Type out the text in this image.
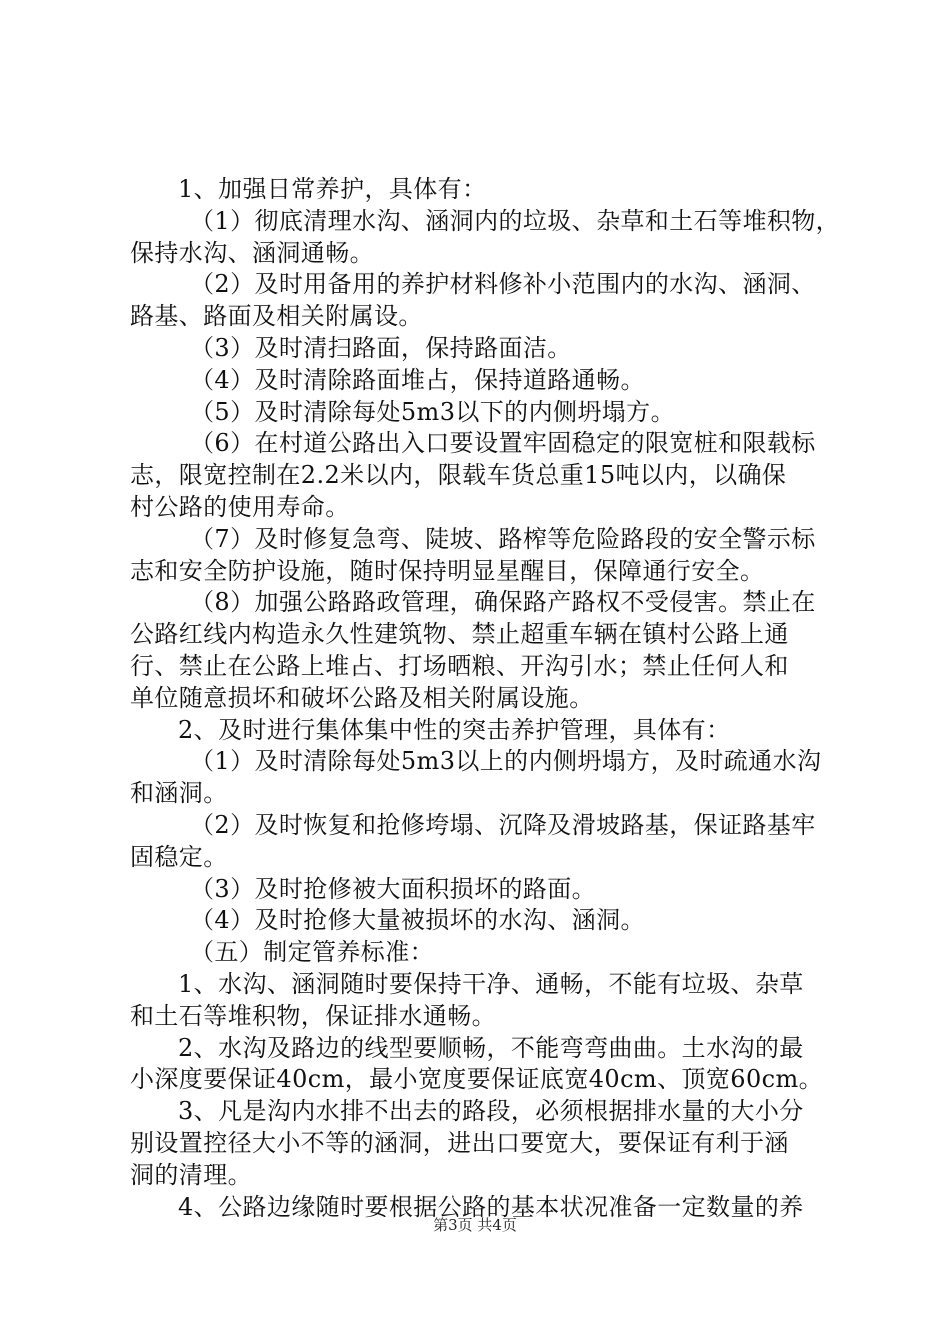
1、加强日常养护，具体有：
（1）彻底清理水沟、涵洞内的垃圾、杂草和土石等堆积物，
保持水沟、涵洞通畅。
（2）及时用备用的养护材料修补小范围内的水沟、涵洞、
路基、路面及相关附属设。
（3）及时清扫路面，保持路面洁。
（4）及时清除路面堆占，保持道路通畅。
（5）及时清除每处5m3以下的内侧坍塌方。
（6）在村道公路出入口要设置牢固稳定的限宽桩和限载标
志，限宽控制在2.2米以内，限载车货总重15吨以内，以确保
村公路的使用寿命。
（7）及时修复急弯、陡坡、路榨等危险路段的安全警示标
志和安全防护设施，随时保持明显星醒目，保障通行安全。
（8）加强公路路政管理，确保路产路权不受侵害。禁止在
公路红线内构造永久性建筑物、禁止超重车辆在镇村公路上通
行、禁止在公路上堆占、打场晒粮、开沟引水；禁止任何人和
单位随意损坏和破坏公路及相关附属设施。
2、及时进行集体集中性的突击养护管理，具体有：
（1）及时清除每处5m3以上的内侧坍塌方，及时疏通水沟
和涵洞。
（2）及时恢复和抢修垮塌、沉降及滑坡路基，保证路基牢
固稳定。
（3）及时抢修被大面积损坏的路面。
（4）及时抢修大量被损坏的水沟、涵洞。
（五）制定管养标准：
1、水沟、涵洞随时要保持干净、通畅，不能有垃圾、杂草
和土石等堆积物，保证排水通畅。
2、水沟及路边的线型要顺畅，不能弯弯曲曲。土水沟的最
小深度要保证40cm，最小宽度要保证底宽40cm、顶宽60cm。
3、凡是沟内水排不出去的路段，必须根据排水量的大小分
别设置控径大小不等的涵洞，进出口要宽大，要保证有利于涵
洞的清理。
4、公路边缘随时要根据公路的基本状况准备一定数量的养
第3页 共4页
